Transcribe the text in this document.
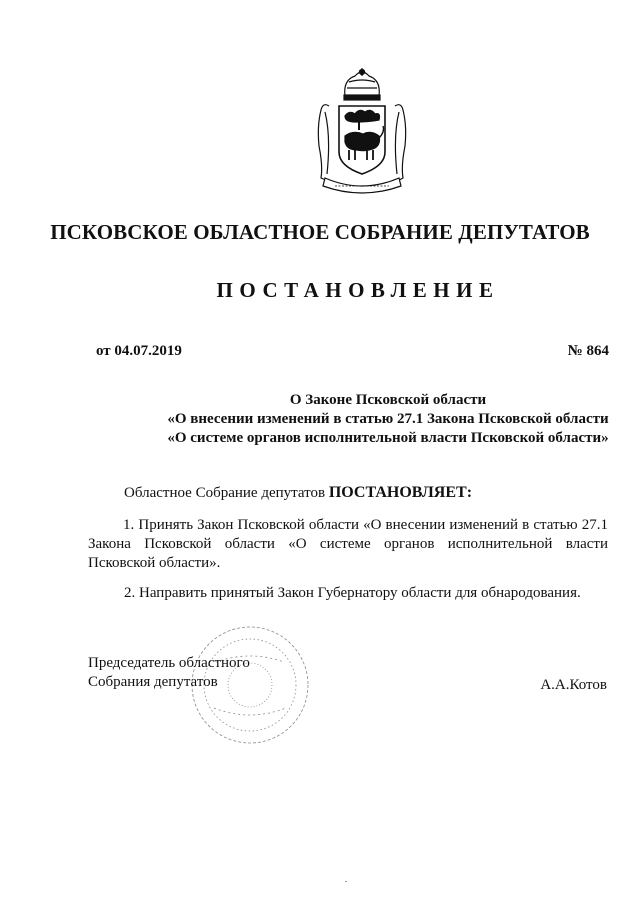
ПСКОВСКОЕ ОБЛАСТНОЕ СОБРАНИЕ ДЕПУТАТОВ
ПОСТАНОВЛЕНИЕ
от 04.07.2019	№ 864
О Законе Псковской области
«О внесении изменений в статью 27.1 Закона Псковской области
«О системе органов исполнительной власти Псковской области»
Областное Собрание депутатов ПОСТАНОВЛЯЕТ:
1. Принять Закон Псковской области «О внесении изменений в статью 27.1
Закона Псковской области «О системе органов исполнительной власти
Псковской области».
2. Направить принятый Закон Губернатору области для обнародования.
Председатель областного
Собрания депутатов	А.А.Котов
